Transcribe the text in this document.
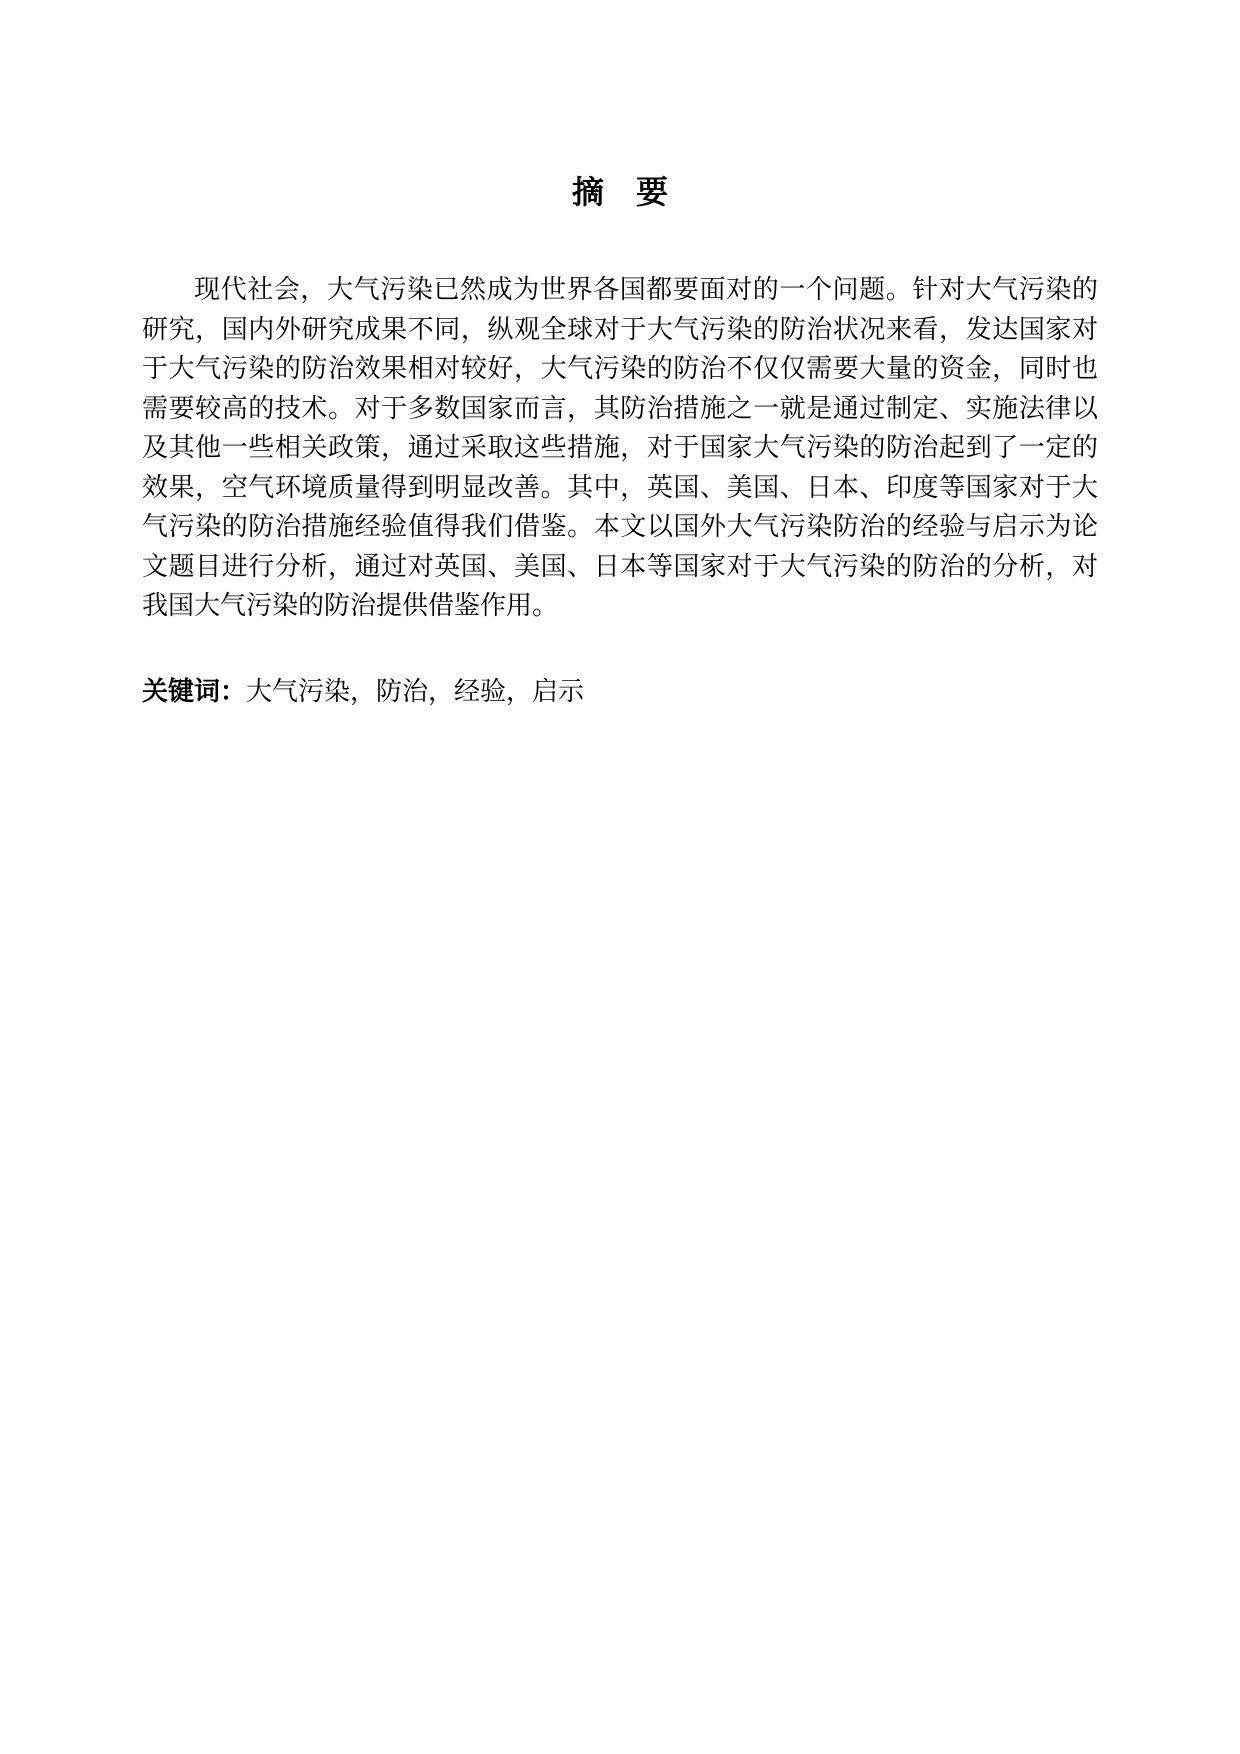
摘　要

现代社会，大气污染已然成为世界各国都要面对的一个问题。针对大气污染的研究，国内外研究成果不同，纵观全球对于大气污染的防治状况来看，发达国家对于大气污染的防治效果相对较好，大气污染的防治不仅仅需要大量的资金，同时也需要较高的技术。对于多数国家而言，其防治措施之一就是通过制定、实施法律以及其他一些相关政策，通过采取这些措施，对于国家大气污染的防治起到了一定的效果，空气环境质量得到明显改善。其中，英国、美国、日本、印度等国家对于大气污染的防治措施经验值得我们借鉴。本文以国外大气污染防治的经验与启示为论文题目进行分析，通过对英国、美国、日本等国家对于大气污染的防治的分析，对我国大气污染的防治提供借鉴作用。

关键词：大气污染，防治，经验，启示
